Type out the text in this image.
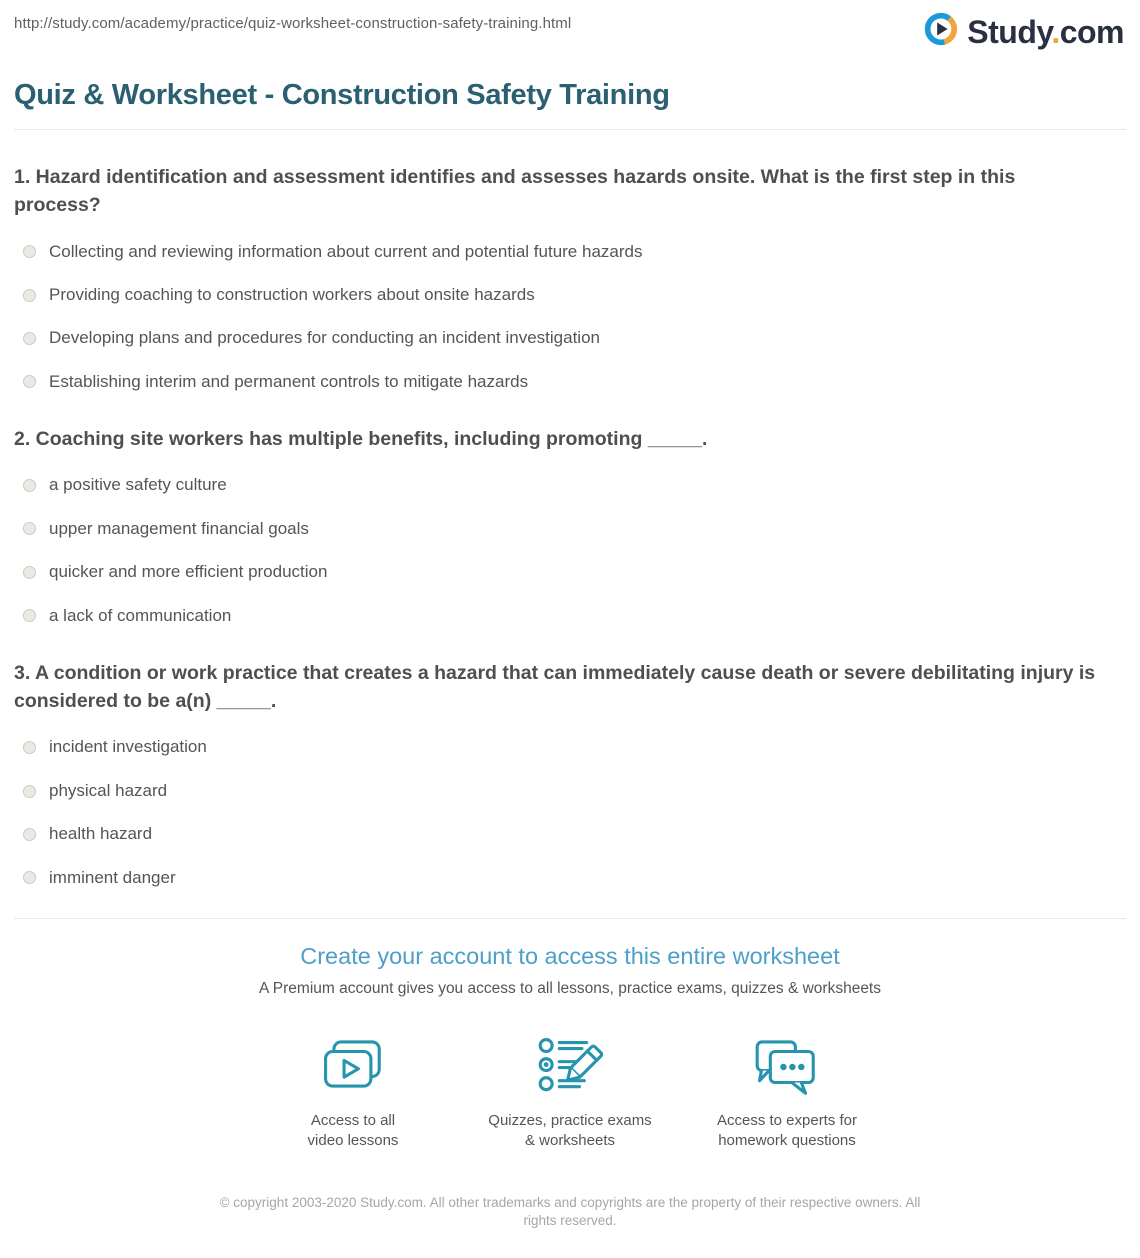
http://study.com/academy/practice/quiz-worksheet-construction-safety-training.html	Study.com
Quiz & Worksheet - Construction Safety Training

1. Hazard identification and assessment identifies and assesses hazards onsite. What is the first step in this process?

Collecting and reviewing information about current and potential future hazards
Providing coaching to construction workers about onsite hazards
Developing plans and procedures for conducting an incident investigation
Establishing interim and permanent controls to mitigate hazards

2. Coaching site workers has multiple benefits, including promoting _____.

a positive safety culture
upper management financial goals
quicker and more efficient production
a lack of communication

3. A condition or work practice that creates a hazard that can immediately cause death or severe debilitating injury is considered to be a(n) _____.

incident investigation
physical hazard
health hazard
imminent danger
Create your account to access this entire worksheet

A Premium account gives you access to all lessons, practice exams, quizzes & worksheets

Access to all
video lessons
Quizzes, practice exams
& worksheets
Access to experts for
homework questions
© copyright 2003-2020 Study.com. All other trademarks and copyrights are the property of their respective owners. All rights reserved.
